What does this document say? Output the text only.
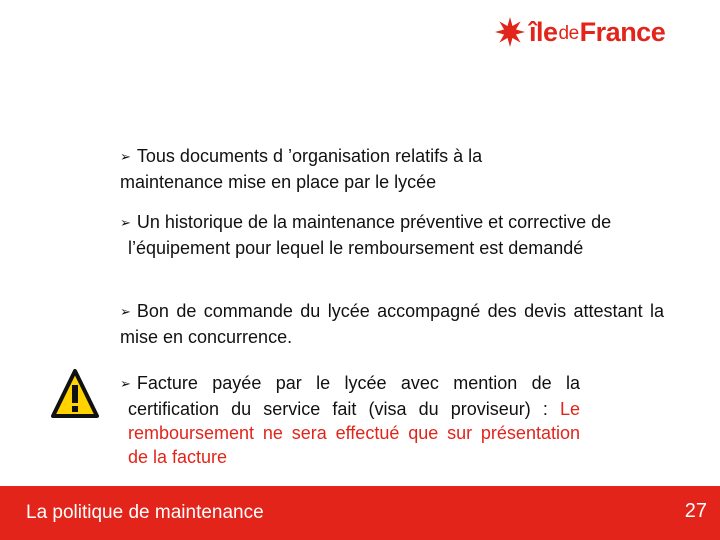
île de France

➢ Tous documents d ’organisation relatifs à la maintenance mise en place par le lycée

➢ Un historique de la maintenance préventive et corrective de l’équipement pour lequel le remboursement est demandé

➢ Bon de commande du lycée accompagné des devis attestant la mise en concurrence.

➢ Facture payée par le lycée avec mention de la certification du service fait (visa du proviseur) : Le remboursement ne sera effectué que sur présentation de la facture

La politique de maintenance	27
